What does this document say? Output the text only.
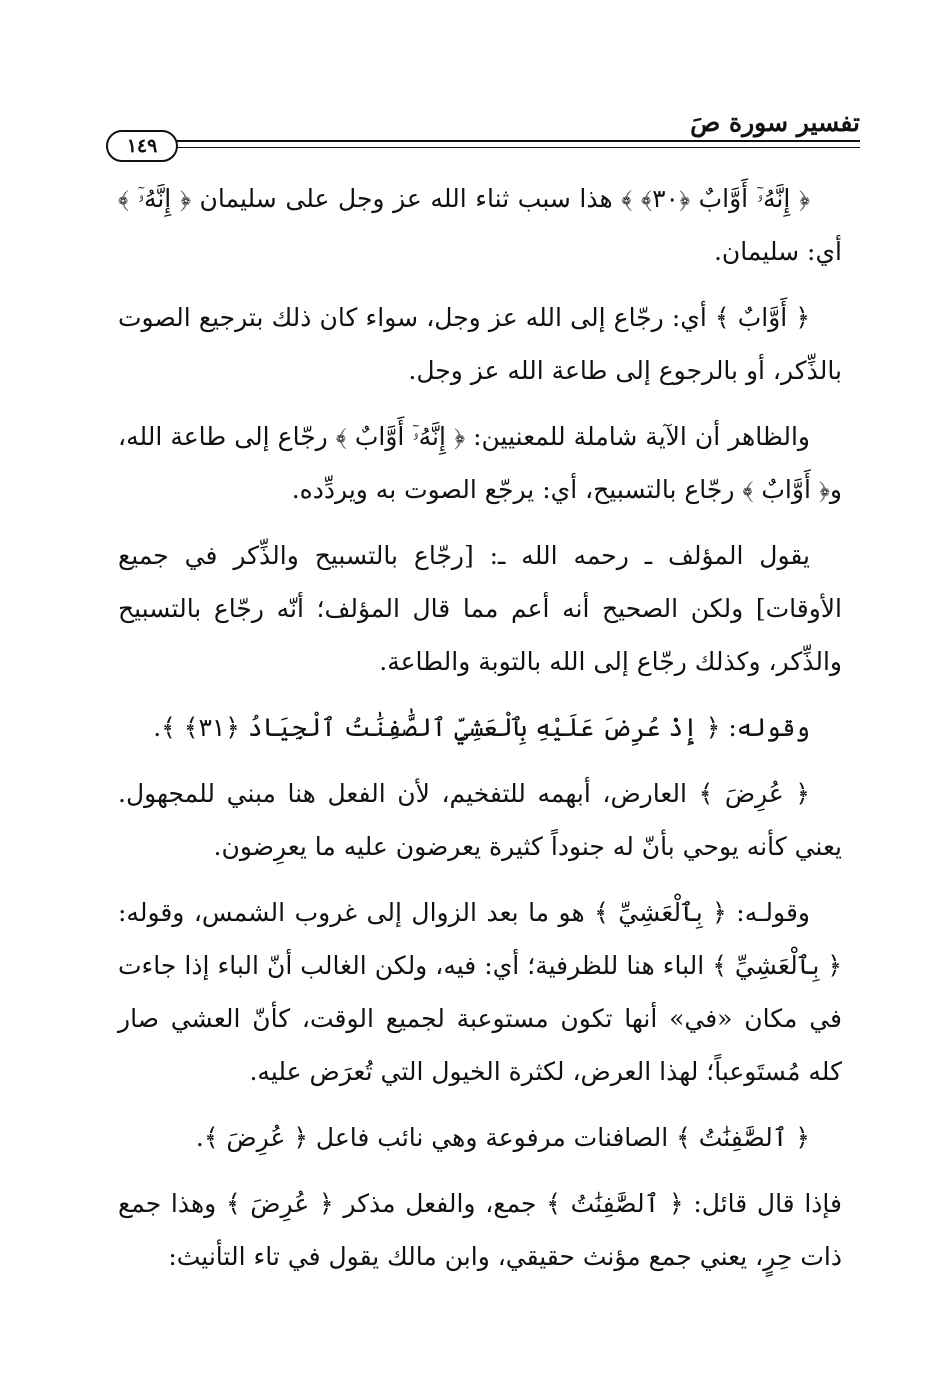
تفسير سورة صَ
١٤٩

﴿ إِنَّهُۥٓ أَوَّابٌ ﴿٣٠﴾ ﴾ هذا سبب ثناء الله عز وجل على سليمان ﴿ إِنَّهُۥٓ ﴾ أي: سليمان.

﴿ أَوَّابٌ ﴾ أي: رجّاع إلى الله عز وجل، سواء كان ذلك بترجيع الصوت بالذِّكر، أو بالرجوع إلى طاعة الله عز وجل.

والظاهر أن الآية شاملة للمعنيين: ﴿ إِنَّهُۥٓ أَوَّابٌ ﴾ رجّاع إلى طاعة الله، و﴿ أَوَّابٌ ﴾ رجّاع بالتسبيح، أي: يرجّع الصوت به ويردِّده.

يقول المؤلف ـ رحمه الله ـ: [رجّاع بالتسبيح والذِّكر في جميع الأوقات] ولكن الصحيح أنه أعم مما قال المؤلف؛ أنّه رجّاع بالتسبيح والذِّكر، وكذلك رجّاع إلى الله بالتوبة والطاعة.

وقوله: ﴿ إِذْ عُرِضَ عَلَيْهِ بِٱلْعَشِيِّ ٱلصَّٰفِنَٰتُ ٱلْجِيَادُ ﴿٣١﴾ ﴾.

﴿ عُرِضَ ﴾ العارض، أبهمه للتفخيم، لأن الفعل هنا مبني للمجهول. يعني كأنه يوحي بأنّ له جنوداً كثيرة يعرضون عليه ما يعرِضون.

وقولـه: ﴿ بِٱلْعَشِيِّ ﴾ هو ما بعد الزوال إلى غروب الشمس، وقوله: ﴿ بِٱلْعَشِيِّ ﴾ الباء هنا للظرفية؛ أي: فيه، ولكن الغالب أنّ الباء إذا جاءت في مكان «في» أنها تكون مستوعبة لجميع الوقت، كأنّ العشي صار كله مُستَوعباً؛ لهذا العرض، لكثرة الخيول التي تُعرَض عليه.

﴿ ٱلصَّٰفِنَٰتُ ﴾ الصافنات مرفوعة وهي نائب فاعل ﴿ عُرِضَ ﴾.

فإذا قال قائل: ﴿ ٱلصَّٰفِنَٰتُ ﴾ جمع، والفعل مذكر ﴿ عُرِضَ ﴾ وهذا جمع ذات حِرٍ، يعني جمع مؤنث حقيقي، وابن مالك يقول في تاء التأنيث:
